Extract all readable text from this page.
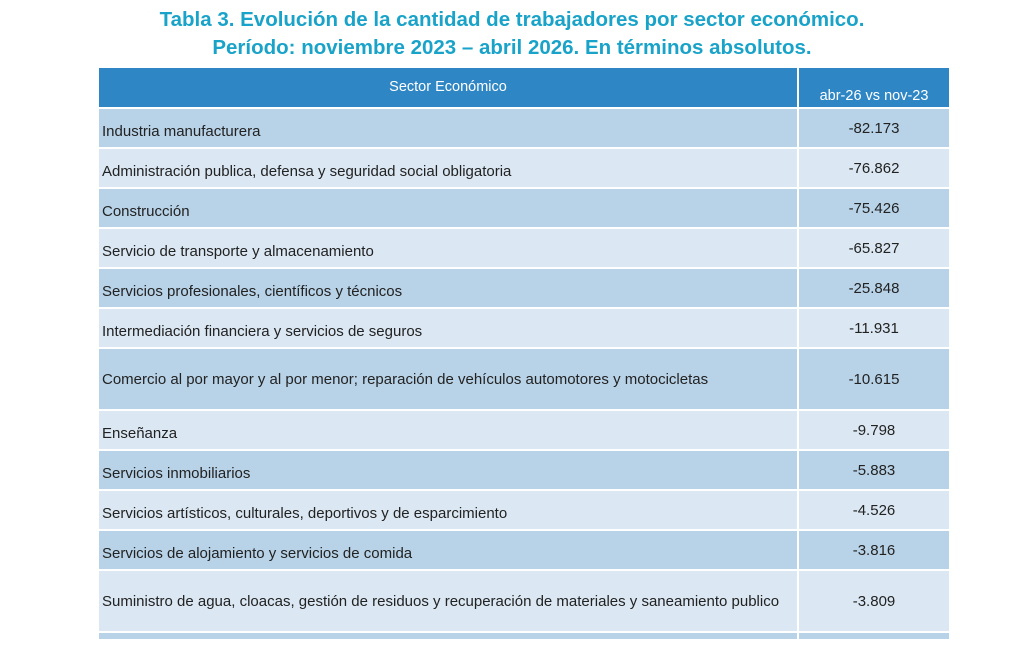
Tabla 3. Evolución de la cantidad de trabajadores por sector económico.
Período: noviembre 2023 – abril 2026. En términos absolutos.
Sector Económico	abr-26 vs nov-23
Industria manufacturera	-82.173
Administración publica, defensa y seguridad social obligatoria	-76.862
Construcción	-75.426
Servicio de transporte y almacenamiento	-65.827
Servicios profesionales, científicos y técnicos	-25.848
Intermediación financiera y servicios de seguros	-11.931
Comercio al por mayor y al por menor; reparación de vehículos automotores y motocicletas	-10.615
Enseñanza	-9.798
Servicios inmobiliarios	-5.883
Servicios artísticos, culturales, deportivos y de esparcimiento	-4.526
Servicios de alojamiento y servicios de comida	-3.816
Suministro de agua, cloacas, gestión de residuos y recuperación de materiales y saneamiento publico	-3.809
